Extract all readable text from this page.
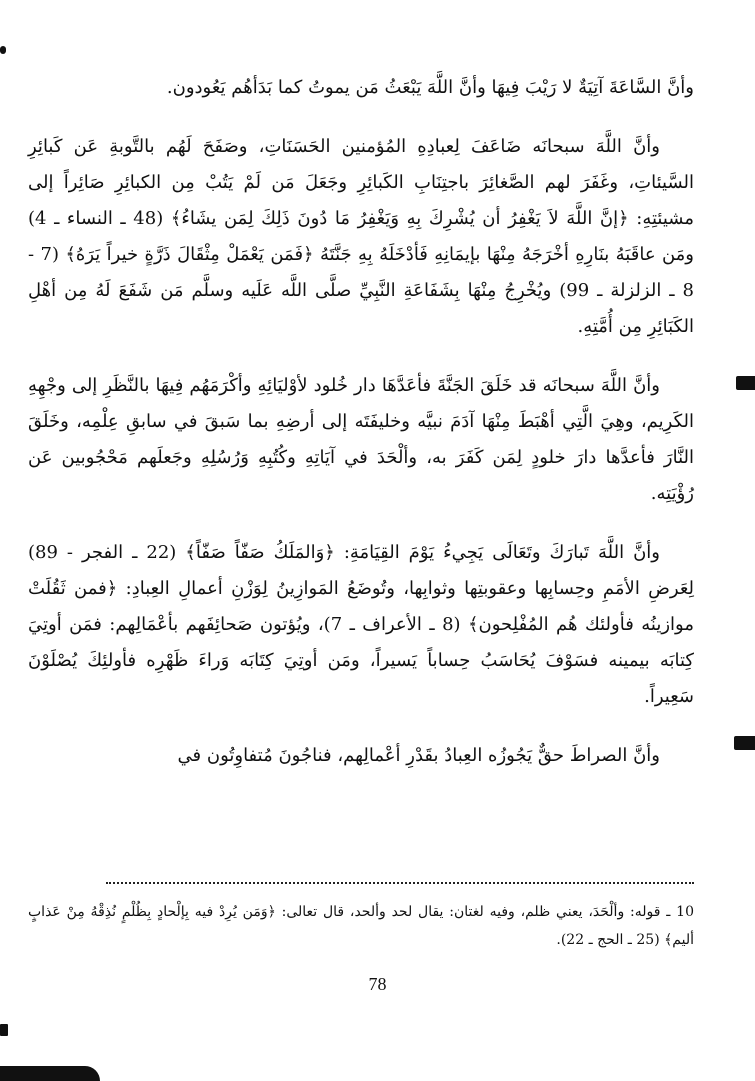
وأنَّ السَّاعَةَ آتِيَةٌ لا رَيْبَ فِيهَا وأنَّ اللَّهَ يَبْعَثُ مَن يموتُ كما بَدَأهُم يَعُودون.

وأنَّ اللَّهَ سبحانَه ضَاعَفَ لِعبادِهِ المُؤمنين الحَسَنَاتِ، وصَفَحَ لَهُم بالتَّوبةِ عَن كَبائِرِ السَّيئاتِ، وغَفَرَ لهم الصَّغائِرَ باجتِنَابِ الكَبائِرِ وجَعَلَ مَن لَمْ يَتُبْ مِن الكبائِرِ صَائِراً إلى مشيئتِهِ: ﴿إنَّ اللَّهَ لاَ يَغْفِرُ أن يُشْرِكَ بِهِ وَيَغْفِرُ مَا دُونَ ذَلِكَ لِمَن يشَاءُ﴾ (48 ـ النساء ـ 4) ومَن عاقَبَهُ بنَارِهِ أخْرَجَهُ مِنْهَا بإيمَانِهِ فَأدْخَلَهُ بِهِ جَنَّتَهُ ﴿فَمَن يَعْمَلْ مِثْقَالَ ذَرَّةٍ خيراً يَرَهُ﴾ (7 - 8 ـ الزلزلة ـ 99) ويُخْرِجُ مِنْهَا بِشَفَاعَةِ النَّبِيِّ صلَّى اللَّه عَلَيه وسلَّم مَن شَفَعَ لَهُ مِن أهْلِ الكَبَائِرِ مِن أُمَّتِهِ.

وأنَّ اللَّهَ سبحانَه قد خَلَقَ الجَنَّةَ فأعَدَّهَا دار خُلود لأوْليَائِهِ وأكْرَمَهُم فِيهَا بالنَّظَرِ إلى وجْهِهِ الكَرِيم، وهِيَ الَّتِي أهْبَطَ مِنْهَا آدَمَ نبيَّه وخليفَتَه إلى أرضِهِ بما سَبقَ في سابقِ عِلْمِه، وخَلَقَ النَّارَ فأعدَّها دارَ خلودٍ لِمَن كَفَرَ به، وألْحَدَ في آيَاتِهِ وكُتُبِهِ وَرُسُلِهِ وجَعلَهم مَحْجُوبين عَن رُؤْيَتِه.

وأنَّ اللَّهَ تَبارَكَ وتَعَالَى يَجِيءُ يَوْمَ القِيَامَةِ: ﴿وَالمَلَكُ صَفّاً صَفّاً﴾ (22 ـ الفجر - 89) لِعَرضِ الأمَمِ وحِسابِها وعقوبتِها وثوابِها، وتُوضَعُ المَوازِينُ لِوَزْنِ أعمالِ العِبادِ: ﴿فمن ثَقُلَتْ موازينُه فأولئك هُم المُفْلِحون﴾ (8 ـ الأعراف ـ 7)، ويُؤتون صَحائِفَهم بأعْمَالِهم: فمَن أوتِيَ كِتابَه بيمينه فسَوْفَ يُحَاسَبُ حِساباً يَسيراً، ومَن أوتِيَ كِتَابَه وَراءَ ظَهْرِه فأولئِكَ يُصْلَوْنَ سَعِيراً.

وأنَّ الصراطَ حقٌّ يَجُوزُه العِبادُ بقَدْرِ أعْمالِهم، فناجُونَ مُتفاوِتُون في

10 ـ قوله: وألْحَدَ، يعني ظلم، وفيه لغتان: يقال لحد وألحد، قال تعالى: ﴿وَمَن يُرِدْ فيه بِإلْحادٍ بِظُلْمٍ نُذِقْهُ مِنْ عَذابٍ أليم﴾ (25 ـ الحج ـ 22).

78
